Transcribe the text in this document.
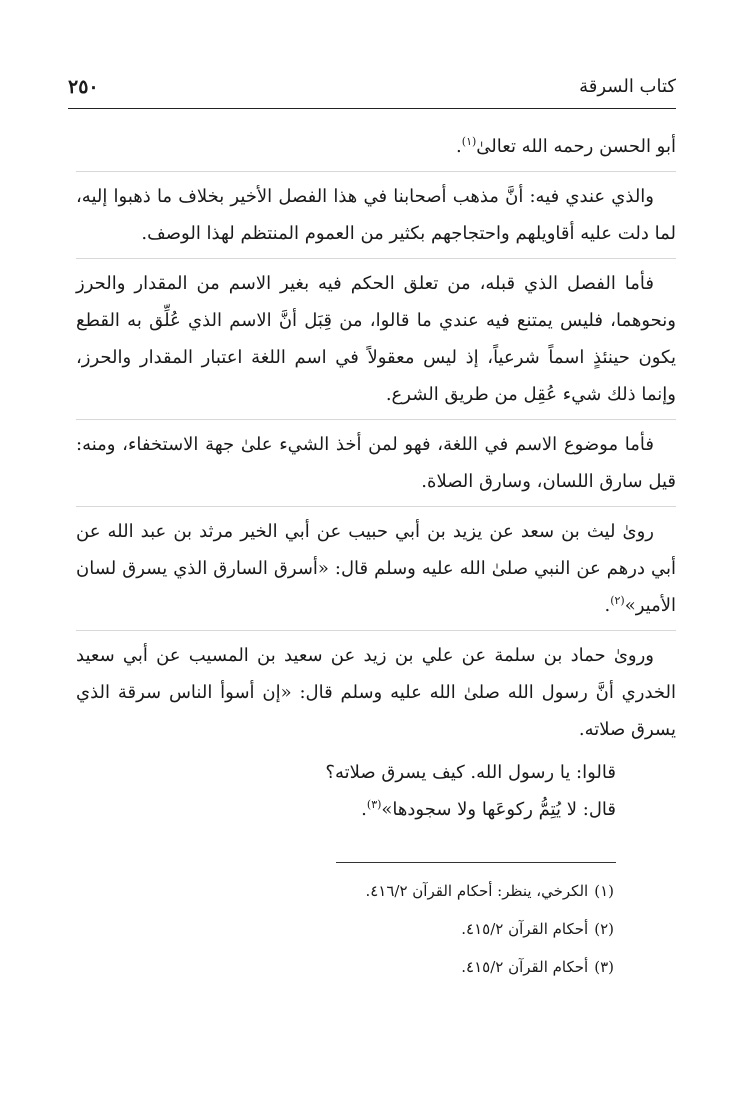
كتاب السرقة
٢٥٠

أبو الحسن رحمه الله تعالىٰ$^{(١)}$.

والذي عندي فيه: أنَّ مذهب أصحابنا في هذا الفصل الأخير بخلاف ما ذهبوا إليه، لما دلت عليه أقاويلهم واحتجاجهم بكثير من العموم المنتظم لهذا الوصف.

فأما الفصل الذي قبله، من تعلق الحكم فيه بغير الاسم من المقدار والحرز ونحوهما، فليس يمتنع فيه عندي ما قالوا، من قِبَل أنَّ الاسم الذي عُلِّق به القطع يكون حينئذٍ اسماً شرعياً، إذ ليس معقولاً في اسم اللغة اعتبار المقدار والحرز، وإنما ذلك شيء عُقِل من طريق الشرع.

فأما موضوع الاسم في اللغة، فهو لمن أخذ الشيء علىٰ جهة الاستخفاء، ومنه: قيل سارق اللسان، وسارق الصلاة.

رویٰ ليث بن سعد عن يزيد بن أبي حبيب عن أبي الخير مرثد بن عبد الله عن أبي درهم عن النبي صلىٰ الله عليه وسلم قال: «أسرق السارق الذي يسرق لسان الأمير»$^{(٢)}$.

ورویٰ حماد بن سلمة عن علي بن زيد عن سعيد بن المسيب عن أبي سعيد الخدري أنَّ رسول الله صلىٰ الله عليه وسلم قال: «إن أسوأ الناس سرقة الذي يسرق صلاته.

قالوا: يا رسول الله. كيف يسرق صلاته؟

قال: لا يُتِمُّ ركوعَها ولا سجودها»$^{(٣)}$.

(١)الكرخي، ينظر: أحكام القرآن ٤١٦/٢.

(٢)أحكام القرآن ٤١٥/٢.

(٣)أحكام القرآن ٤١٥/٢.
